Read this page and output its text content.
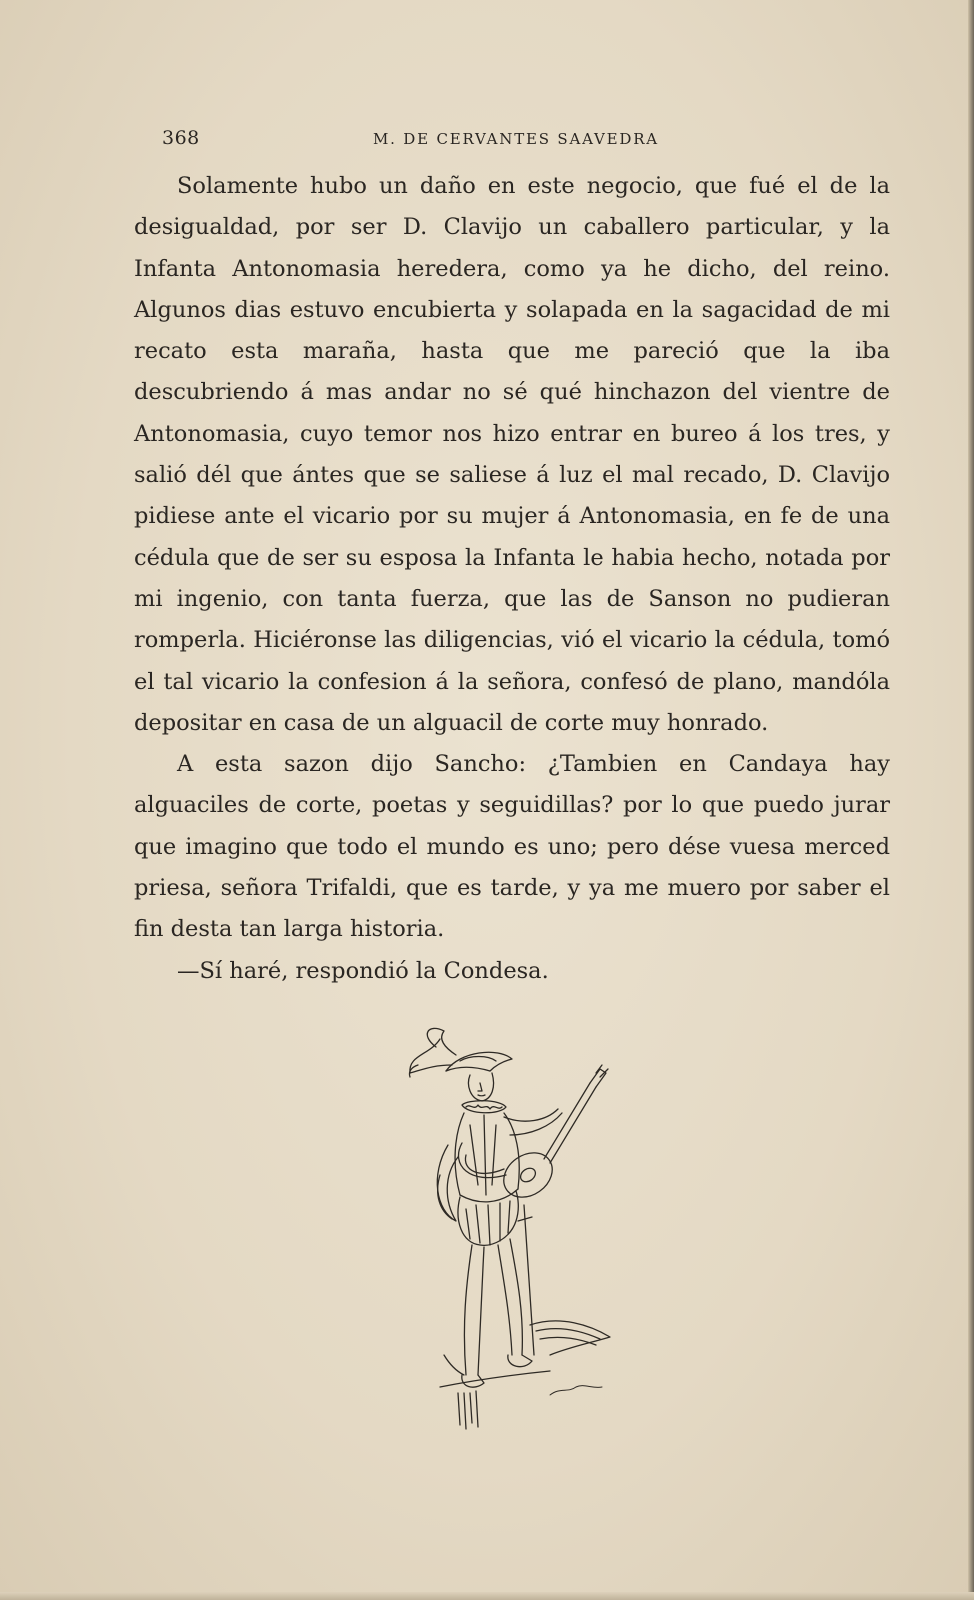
368	M. DE CERVANTES SAAVEDRA

Solamente hubo un daño en este negocio, que fué el de la desigualdad, por ser D. Clavijo un caballero particular, y la Infanta Antonomasia heredera, como ya he dicho, del reino. Algunos dias estuvo encubierta y solapada en la sagacidad de mi recato esta maraña, hasta que me pareció que la iba descubriendo á mas andar no sé qué hinchazon del vientre de Antonomasia, cuyo temor nos hizo entrar en bureo á los tres, y salió dél que ántes que se saliese á luz el mal recado, D. Clavijo pidiese ante el vicario por su mujer á Antonomasia, en fe de una cédula que de ser su esposa la Infanta le habia hecho, notada por mi ingenio, con tanta fuerza, que las de Sanson no pudieran romperla. Hiciéronse las diligencias, vió el vicario la cédula, tomó el tal vicario la confesion á la señora, confesó de plano, mandóla depositar en casa de un alguacil de corte muy honrado.

A esta sazon dijo Sancho: ¿Tambien en Candaya hay alguaciles de corte, poetas y seguidillas? por lo que puedo jurar que imagino que todo el mundo es uno; pero dése vuesa merced priesa, señora Trifaldi, que es tarde, y ya me muero por saber el fin desta tan larga historia.

—Sí haré, respondió la Condesa.
